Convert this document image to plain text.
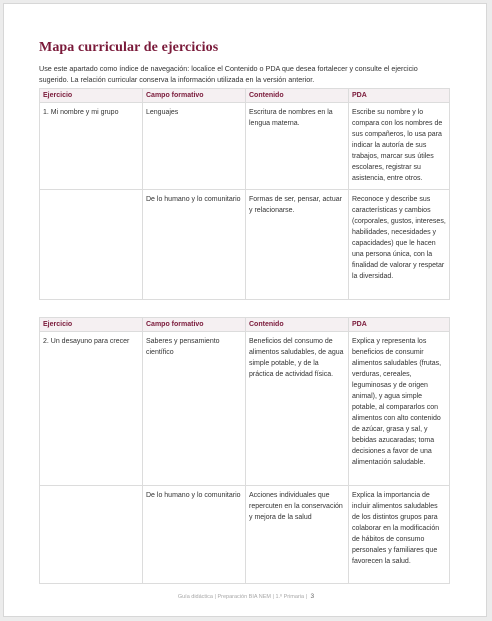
Mapa curricular de ejercicios

Use este apartado como índice de navegación: localice el Contenido o PDA que desea fortalecer y consulte el ejercicio sugerido. La relación curricular conserva la información utilizada en la versión anterior.

Ejercicio	Campo formativo	Contenido	PDA
1. Mi nombre y mi grupo	Lenguajes	Escritura de nombres en la lengua materna.	Escribe su nombre y lo compara con los nombres de sus compañeros, lo usa para indicar la autoría de sus trabajos, marcar sus útiles escolares, registrar su asistencia, entre otros.
	De lo humano y lo comunitario	Formas de ser, pensar, actuar y relacionarse.	Reconoce y describe sus características y cambios (corporales, gustos, intereses, habilidades, necesidades y capacidades) que le hacen una persona única, con la finalidad de valorar y respetar la diversidad.
Ejercicio	Campo formativo	Contenido	PDA
2. Un desayuno para crecer	Saberes y pensamiento científico	Beneficios del consumo de alimentos saludables, de agua simple potable, y de la práctica de actividad física.	Explica y representa los beneficios de consumir alimentos saludables (frutas, verduras, cereales, leguminosas y de origen animal), y agua simple potable, al compararlos con alimentos con alto contenido de azúcar, grasa y sal, y bebidas azucaradas; toma decisiones a favor de una alimentación saludable.
	De lo humano y lo comunitario	Acciones individuales que repercuten en la conservación y mejora de la salud	Explica la importancia de incluir alimentos saludables de los distintos grupos para colaborar en la modificación de hábitos de consumo personales y familiares que favorecen la salud.
Guía didáctica | Preparación BIA NEM | 1.º Primaria | 3
